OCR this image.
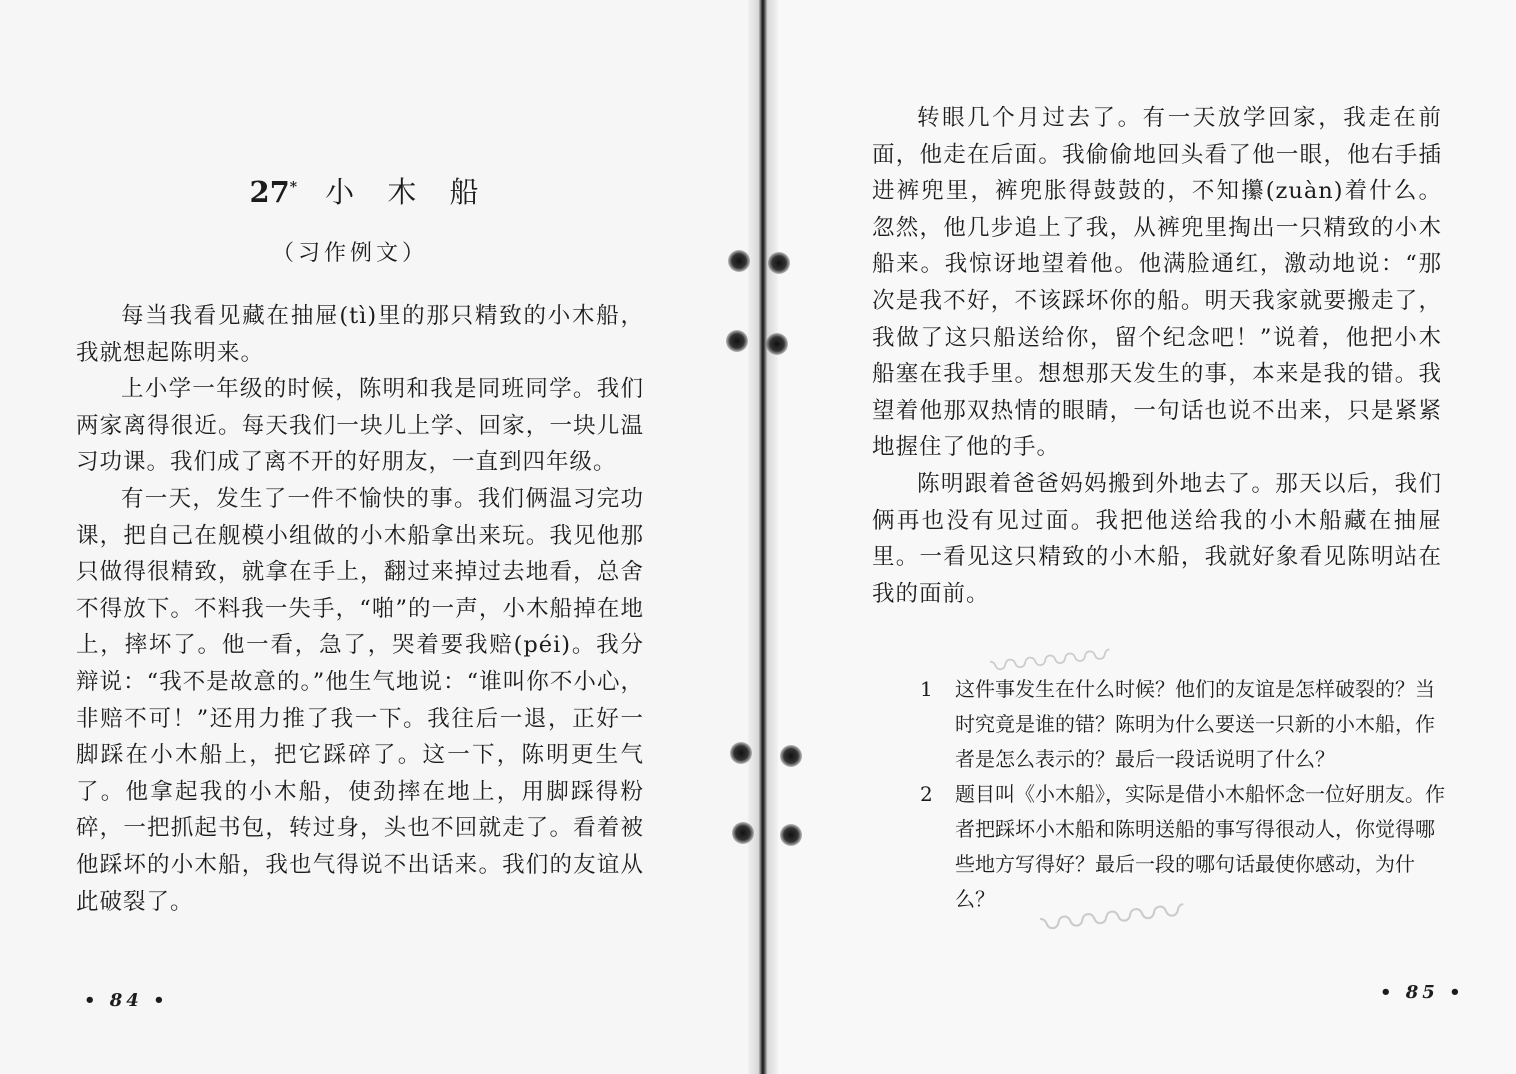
27* 小 木 船
（习作例文）

每当我看见藏在抽屉(tì)里的那只精致的小木船，我就想起陈明来。

上小学一年级的时候，陈明和我是同班同学。我们两家离得很近。每天我们一块儿上学、回家，一块儿温习功课。我们成了离不开的好朋友，一直到四年级。

有一天，发生了一件不愉快的事。我们俩温习完功课，把自己在舰模小组做的小木船拿出来玩。我见他那只做得很精致，就拿在手上，翻过来掉过去地看，总舍不得放下。不料我一失手，“啪”的一声，小木船掉在地上，摔坏了。他一看，急了，哭着要我赔(péi)。我分辩说：“我不是故意的。”他生气地说：“谁叫你不小心，非赔不可！”还用力推了我一下。我往后一退，正好一脚踩在小木船上，把它踩碎了。这一下，陈明更生气了。他拿起我的小木船，使劲摔在地上，用脚踩得粉碎，一把抓起书包，转过身，头也不回就走了。看着被他踩坏的小木船，我也气得说不出话来。我们的友谊从此破裂了。

• 84 •

转眼几个月过去了。有一天放学回家，我走在前面，他走在后面。我偷偷地回头看了他一眼，他右手插进裤兜里，裤兜胀得鼓鼓的，不知攥(zuàn)着什么。忽然，他几步追上了我，从裤兜里掏出一只精致的小木船来。我惊讶地望着他。他满脸通红，激动地说：“那次是我不好，不该踩坏你的船。明天我家就要搬走了，我做了这只船送给你，留个纪念吧！”说着，他把小木船塞在我手里。想想那天发生的事，本来是我的错。我望着他那双热情的眼睛，一句话也说不出来，只是紧紧地握住了他的手。

陈明跟着爸爸妈妈搬到外地去了。那天以后，我们俩再也没有见过面。我把他送给我的小木船藏在抽屉里。一看见这只精致的小木船，我就好象看见陈明站在我的面前。

〰〰〰
〰〰〰
1 这件事发生在什么时候？他们的友谊是怎样破裂的？当时究竟是谁的错？陈明为什么要送一只新的小木船，作者是怎么表示的？最后一段话说明了什么？
2 题目叫《小木船》，实际是借小木船怀念一位好朋友。作者把踩坏小木船和陈明送船的事写得很动人，你觉得哪些地方写得好？最后一段的哪句话最使你感动，为什么？
• 85 •
